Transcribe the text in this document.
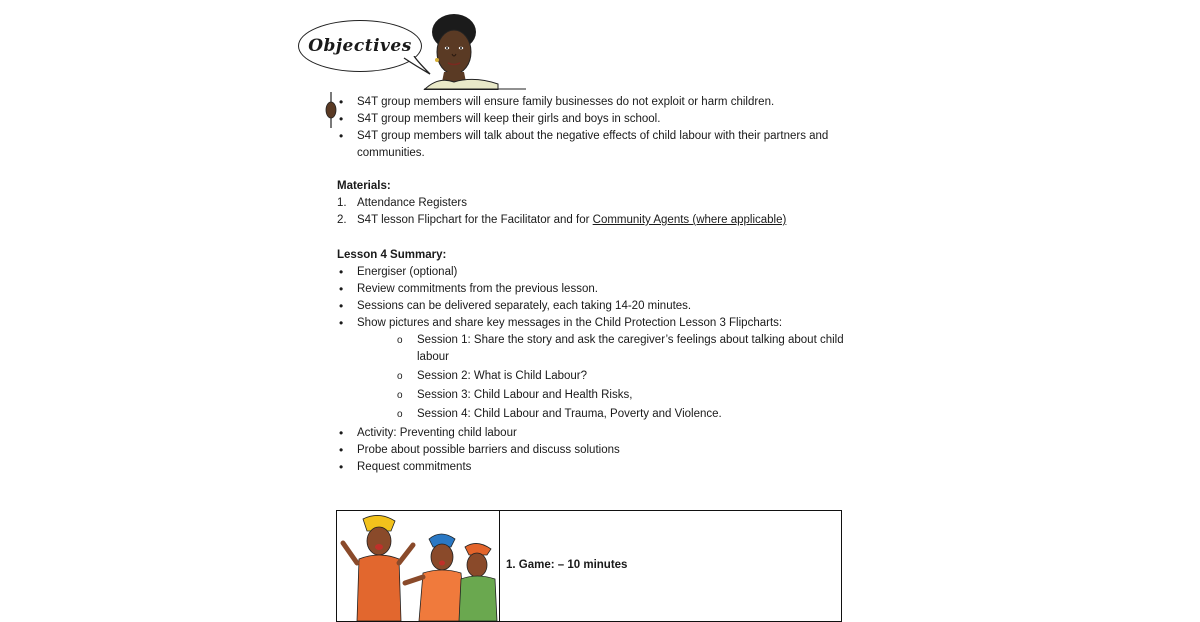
Objectives
• S4T group members will ensure family businesses do not exploit or harm children.
• S4T group members will keep their girls and boys in school.
• S4T group members will talk about the negative effects of child labour with their partners and communities.
Materials:
1. Attendance Registers
2. S4T lesson Flipchart for the Facilitator and for Community Agents (where applicable)
Lesson 4 Summary:
• Energiser (optional)
• Review commitments from the previous lesson.
• Sessions can be delivered separately, each taking 14-20 minutes.
• Show pictures and share key messages in the Child Protection Lesson 3 Flipcharts:
o Session 1: Share the story and ask the caregiver’s feelings about talking about child labour
o Session 2: What is Child Labour?
o Session 3: Child Labour and Health Risks,
o Session 4: Child Labour and Trauma, Poverty and Violence.
• Activity: Preventing child labour
• Probe about possible barriers and discuss solutions
• Request commitments
1. Game: – 10 minutes
